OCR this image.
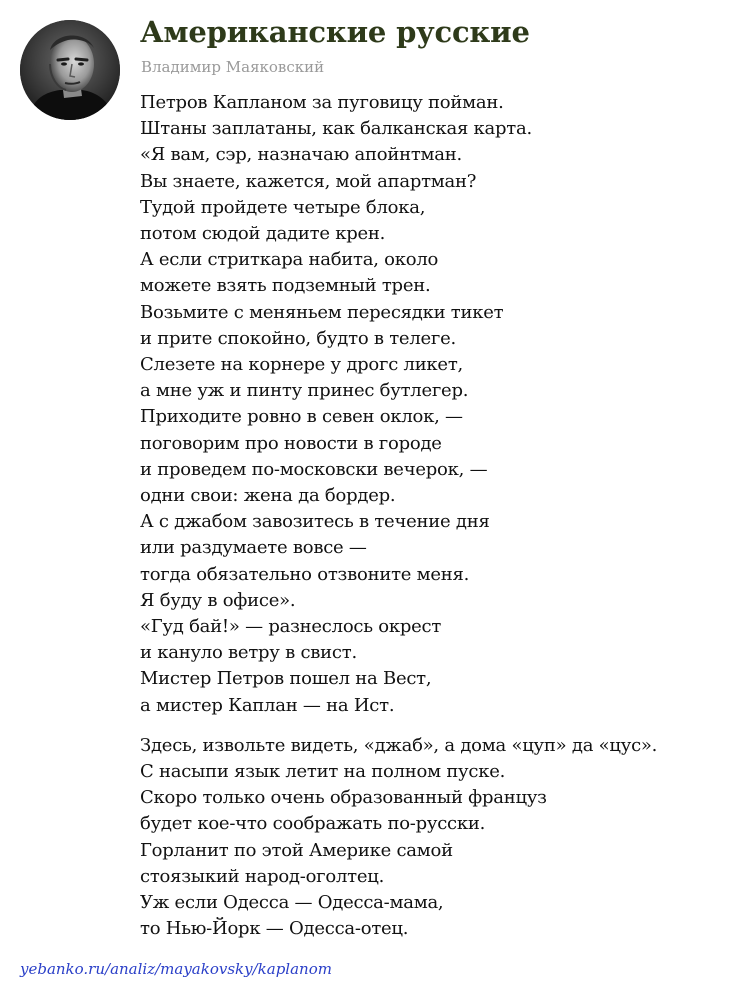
Американские русские
Владимир Маяковский
Петров Капланом за пуговицу пойман.
Штаны заплатаны, как балканская карта.
«Я вам, сэр, назначаю апойнтман.
Вы знаете, кажется, мой апартман?
Тудой пройдете четыре блока,
потом сюдой дадите крен.
А если стриткара набита, около
можете взять подземный трен.
Возьмите с меняньем пересядки тикет
и прите спокойно, будто в телеге.
Слезете на корнере у дрогс ликет,
а мне уж и пинту принес бутлегер.
Приходите ровно в севен оклок, —
поговорим про новости в городе
и проведем по-московски вечерок, —
одни свои: жена да бордер.
А с джабом завозитесь в течение дня
или раздумаете вовсе —
тогда обязательно отзвоните меня.
Я буду в офисе».
«Гуд бай!» — разнеслось окрест
и кануло ветру в свист.
Мистер Петров пошел на Вест,
а мистер Каплан — на Ист.
Здесь, извольте видеть, «джаб», а дома «цуп» да «цус».
С насыпи язык летит на полном пуске.
Скоро только очень образованный француз
будет кое-что соображать по-русски.
Горланит по этой Америке самой
стоязыкий народ-оголтец.
Уж если Одесса — Одесса-мама,
то Нью-Йорк — Одесса-отец.
yebanko.ru/analiz/mayakovsky/kaplanom
